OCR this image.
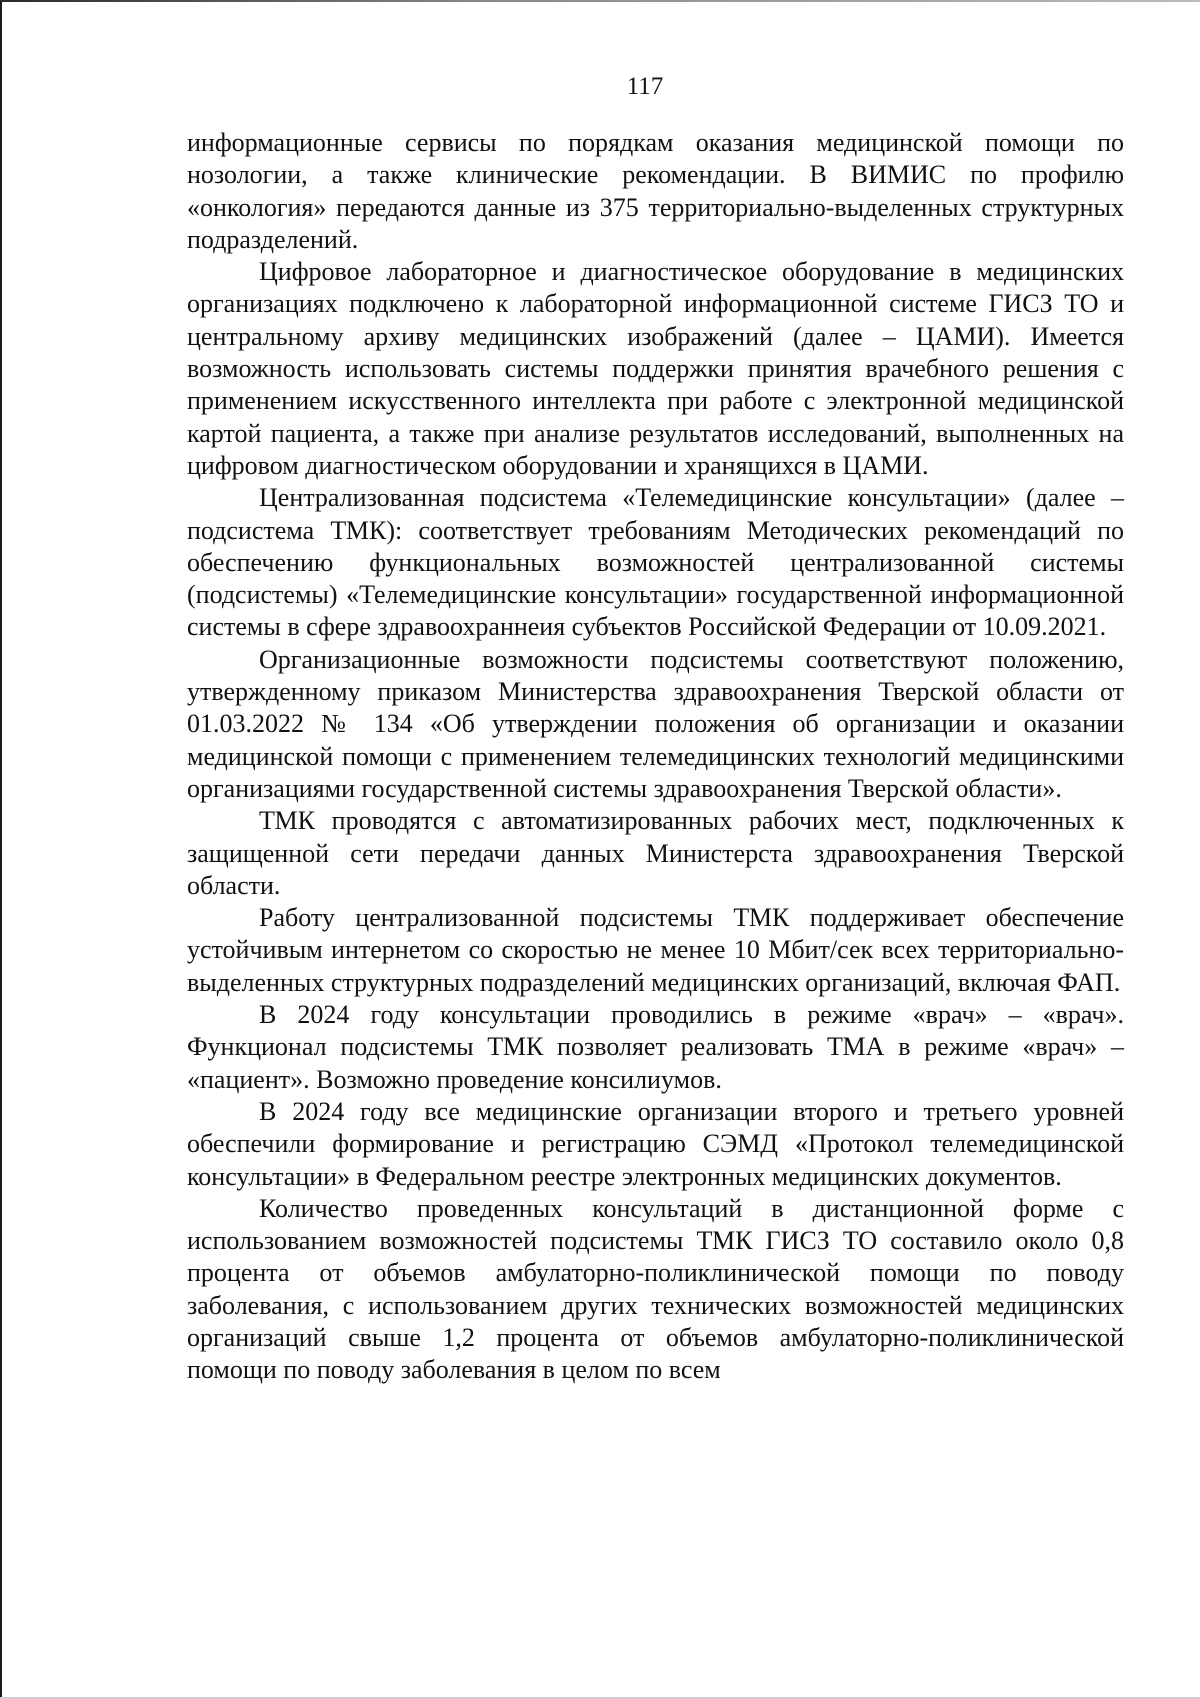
117

информационные сервисы по порядкам оказания медицинской помощи по нозологии, а также клинические рекомендации. В ВИМИС по профилю «онкология» передаются данные из 375 территориально-выделенных структурных подразделений.

Цифровое лабораторное и диагностическое оборудование в медицинских организациях подключено к лабораторной информационной системе ГИСЗ ТО и центральному архиву медицинских изображений (далее – ЦАМИ). Имеется возможность использовать системы поддержки принятия врачебного решения с применением искусственного интеллекта при работе с электронной медицинской картой пациента, а также при анализе результатов исследований, выполненных на цифровом диагностическом оборудовании и хранящихся в ЦАМИ.

Централизованная подсистема «Телемедицинские консультации» (далее – подсистема ТМК): соответствует требованиям Методических рекомендаций по обеспечению функциональных возможностей централизованной системы (подсистемы) «Телемедицинские консультации» государственной информационной системы в сфере здравоохраннеия субъектов Российской Федерации от 10.09.2021.

Организационные возможности подсистемы соответствуют положению, утвержденному приказом Министерства здравоохранения Тверской области от 01.03.2022 № 134 «Об утверждении положения об организации и оказании медицинской помощи с применением телемедицинских технологий медицинскими организациями государственной системы здравоохранения Тверской области».

ТМК проводятся с автоматизированных рабочих мест, подключенных к защищенной сети передачи данных Министерста здравоохранения Тверской области.

Работу централизованной подсистемы ТМК поддерживает обеспечение устойчивым интернетом со скоростью не менее 10 Мбит/сек всех территориально-выделенных структурных подразделений медицинских организаций, включая ФАП.

В 2024 году консультации проводились в режиме «врач» – «врач». Функционал подсистемы ТМК позволяет реализовать ТМА в режиме «врач» – «пациент». Возможно проведение консилиумов.

В 2024 году все медицинские организации второго и третьего уровней обеспечили формирование и регистрацию СЭМД «Протокол телемедицинской консультации» в Федеральном реестре электронных медицинских документов.

Количество проведенных консультаций в дистанционной форме с использованием возможностей подсистемы ТМК ГИСЗ ТО составило около 0,8 процента от объемов амбулаторно-поликлинической помощи по поводу заболевания, с использованием других технических возможностей медицинских организаций свыше 1,2 процента от объемов амбулаторно-поликлинической помощи по поводу заболевания в целом по всем
